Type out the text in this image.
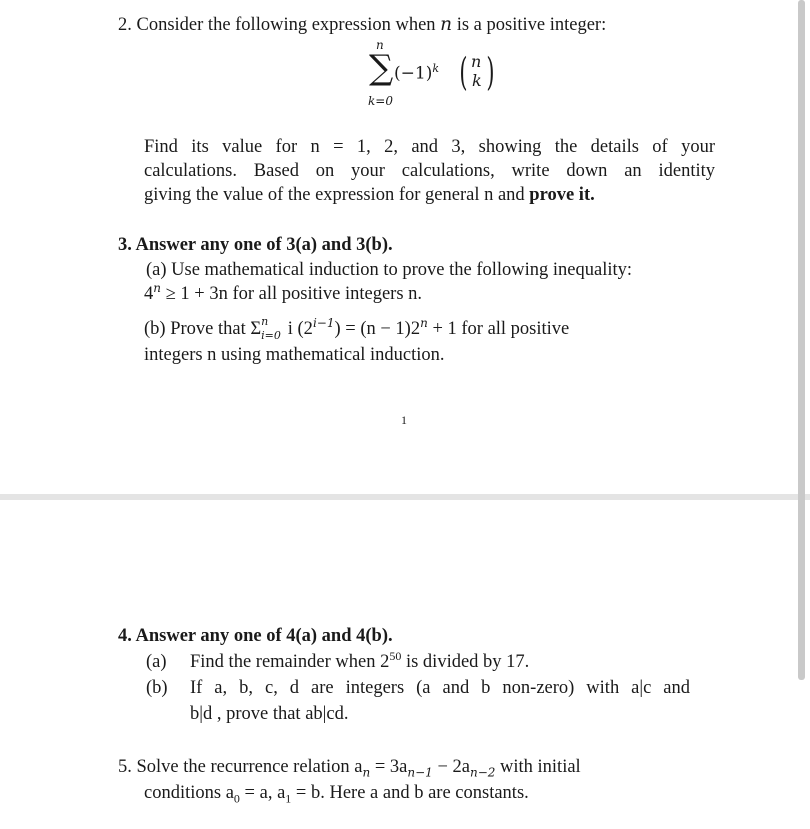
2. Consider the following expression when n is a positive integer:
n
∑
k=0
$(-1)^k$ ( n
k )
Find its value for n = 1, 2, and 3, showing the details of your
calculations. Based on your calculations, write down an identity
giving the value of the expression for general n and prove it.
3. Answer any one of 3(a) and 3(b).
(a) Use mathematical induction to prove the following inequality:
$4^n \ge 1 + 3n$ for all positive integers n.
(b) Prove that Σ n
i=0 i $(2^{i-1}) = (n - 1)2^n + 1$ for all positive
integers n using mathematical induction.
1
4. Answer any one of 4(a) and 4(b).
(a) Find the remainder when $2^{50}$ is divided by 17.
(b) If a, b, c, d are integers (a and b non-zero) with a|c and
b|d , prove that ab|cd.
5. Solve the recurrence relation $a_n = 3a_{n-1} - 2a_{n-2}$ with initial
conditions $a_0 = a$, $a_1 = b$. Here a and b are constants.
